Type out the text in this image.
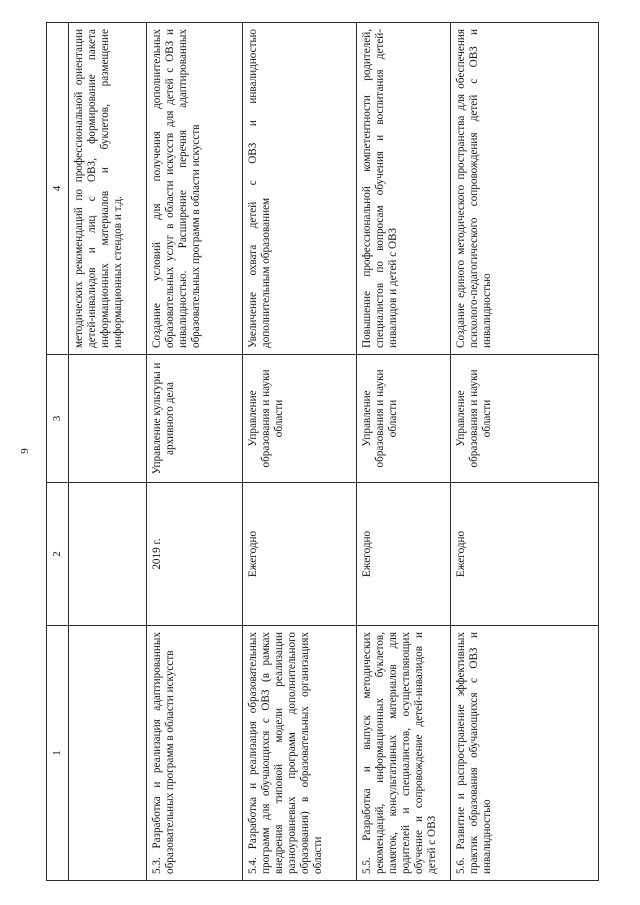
9
1	2	3	4
			методических рекомендаций по профессиональной ориентации детей-инвалидов и лиц с ОВЗ, формирование пакета информационных материалов и буклетов, размещение информационных стендов и т.д.
5.3. Разработка и реализация адаптированных образовательных программ в области искусств	2019 г.	Управление культуры и архивного дела	Создание условий для получения дополнительных образовательных услуг в области искусств для детей с ОВЗ и инвалидностью. Расширение перечня адаптированных образовательных программ в области искусств
5.4. Разработка и реализация образовательных программ для обучающихся с ОВЗ (в рамках внедрения типовой модели реализации разноуровневых программ дополнительного образования) в образовательных организациях области	Ежегодно	Управление образования и науки области	Увеличение охвата детей с ОВЗ и инвалидностью дополнительным образованием
5.5. Разработка и выпуск методических рекомендаций, информационных буклетов, памяток, консультативных материалов для родителей и специалистов, осуществляющих обучение и сопровождение детей-инвалидов и детей с ОВЗ	Ежегодно	Управление образования и науки области	Повышение профессиональной компетентности родителей, специалистов по вопросам обучения и воспитания детей-инвалидов и детей с ОВЗ
5.6. Развитие и распространение эффективных практик образования обучающихся с ОВЗ и инвалидностью	Ежегодно	Управление образования и науки области	Создание единого методического пространства для обеспечения психолого-педагогического сопровождения детей с ОВЗ и инвалидностью
